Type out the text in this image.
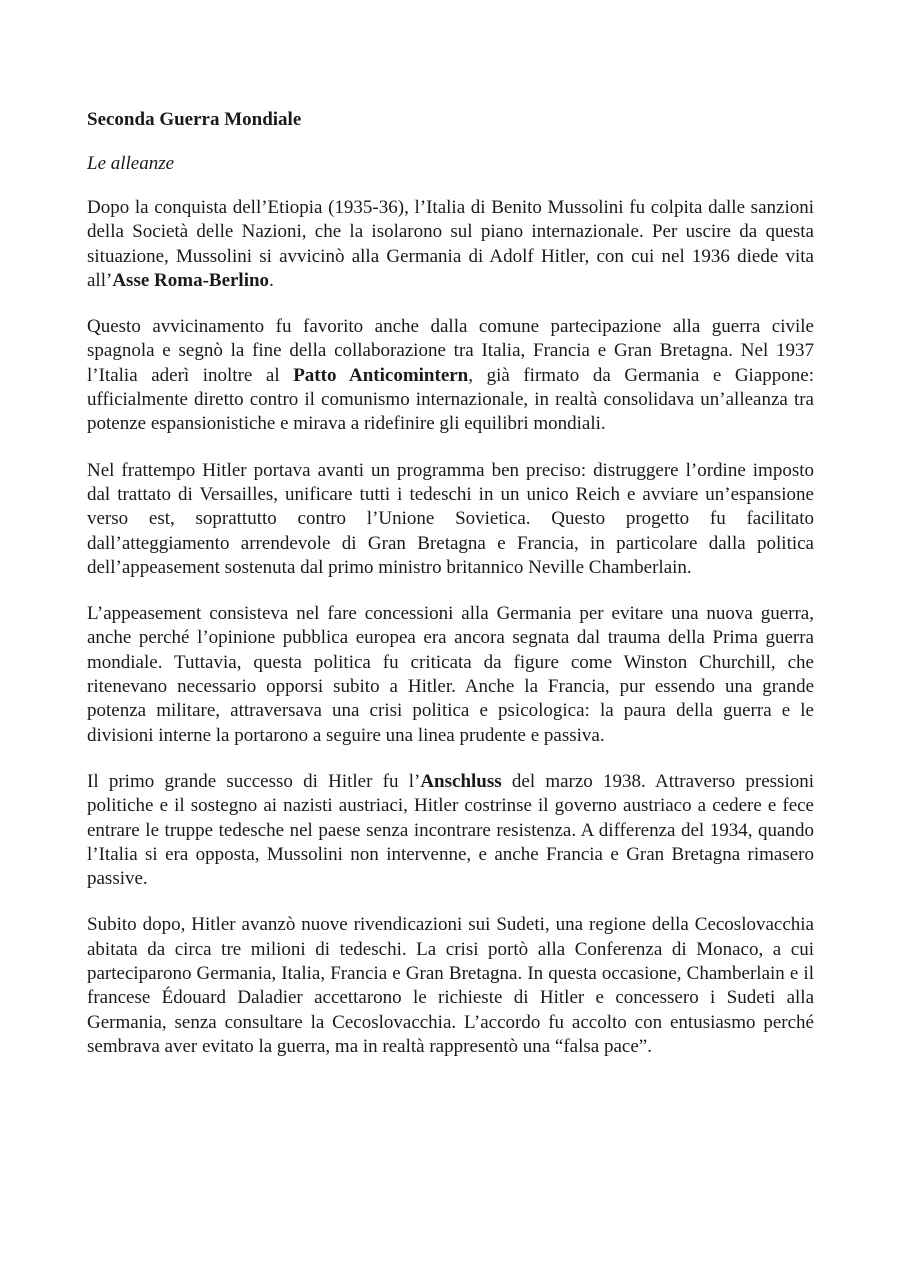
Seconda Guerra Mondiale
Le alleanze

Dopo la conquista dell’Etiopia (1935-36), l’Italia di Benito Mussolini fu colpita dalle sanzioni della Società delle Nazioni, che la isolarono sul piano internazionale. Per uscire da questa situazione, Mussolini si avvicinò alla Germania di Adolf Hitler, con cui nel 1936 diede vita all’Asse Roma-Berlino.

Questo avvicinamento fu favorito anche dalla comune partecipazione alla guerra civile spagnola e segnò la fine della collaborazione tra Italia, Francia e Gran Bretagna. Nel 1937 l’Italia aderì inoltre al Patto Anticomintern, già firmato da Germania e Giappone: ufficialmente diretto contro il comunismo internazionale, in realtà consolidava un’alleanza tra potenze espansionistiche e mirava a ridefinire gli equilibri mondiali.

Nel frattempo Hitler portava avanti un programma ben preciso: distruggere l’ordine imposto dal trattato di Versailles, unificare tutti i tedeschi in un unico Reich e avviare un’espansione verso est, soprattutto contro l’Unione Sovietica. Questo progetto fu facilitato dall’atteggiamento arrendevole di Gran Bretagna e Francia, in particolare dalla politica dell’appeasement sostenuta dal primo ministro britannico Neville Chamberlain.

L’appeasement consisteva nel fare concessioni alla Germania per evitare una nuova guerra, anche perché l’opinione pubblica europea era ancora segnata dal trauma della Prima guerra mondiale. Tuttavia, questa politica fu criticata da figure come Winston Churchill, che ritenevano necessario opporsi subito a Hitler. Anche la Francia, pur essendo una grande potenza militare, attraversava una crisi politica e psicologica: la paura della guerra e le divisioni interne la portarono a seguire una linea prudente e passiva.

Il primo grande successo di Hitler fu l’Anschluss del marzo 1938. Attraverso pressioni politiche e il sostegno ai nazisti austriaci, Hitler costrinse il governo austriaco a cedere e fece entrare le truppe tedesche nel paese senza incontrare resistenza. A differenza del 1934, quando l’Italia si era opposta, Mussolini non intervenne, e anche Francia e Gran Bretagna rimasero passive.

Subito dopo, Hitler avanzò nuove rivendicazioni sui Sudeti, una regione della Cecoslovacchia abitata da circa tre milioni di tedeschi. La crisi portò alla Conferenza di Monaco, a cui parteciparono Germania, Italia, Francia e Gran Bretagna. In questa occasione, Chamberlain e il francese Édouard Daladier accettarono le richieste di Hitler e concessero i Sudeti alla Germania, senza consultare la Cecoslovacchia. L’accordo fu accolto con entusiasmo perché sembrava aver evitato la guerra, ma in realtà rappresentò una “falsa pace”.
